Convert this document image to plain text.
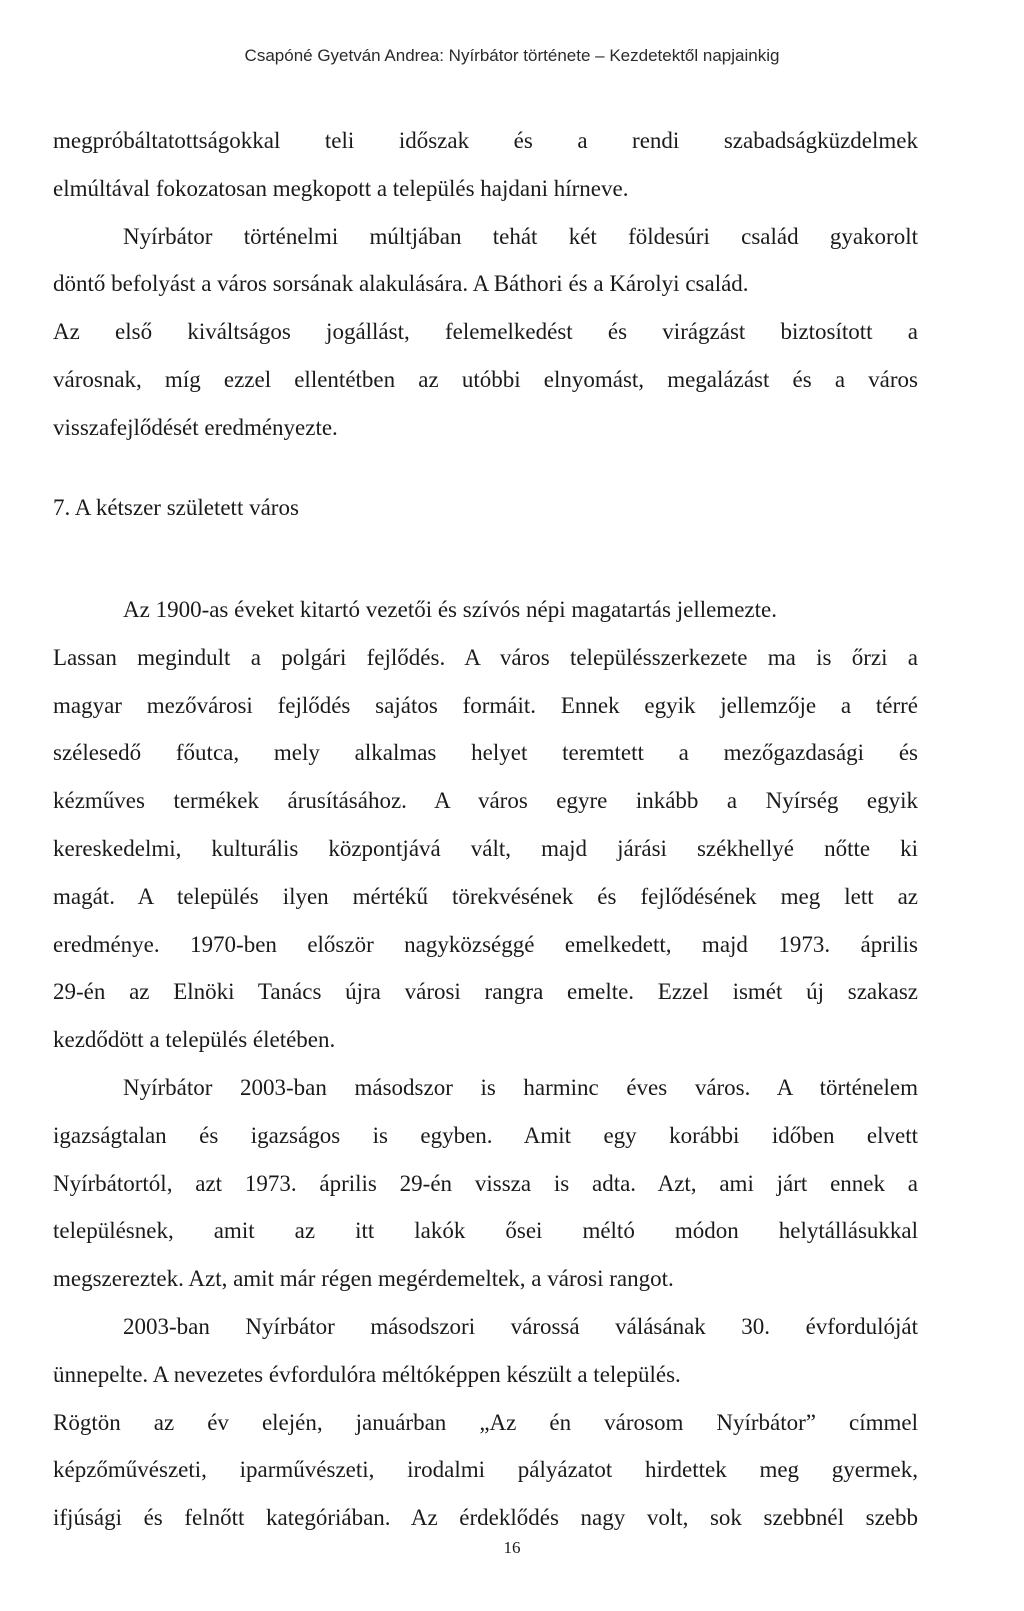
Csapóné Gyetván Andrea: Nyírbátor története – Kezdetektől napjainkig
megpróbáltatottságokkal teli időszak és a rendi szabadságküzdelmek
elmúltával fokozatosan megkopott a település hajdani hírneve.
Nyírbátor történelmi múltjában tehát két földesúri család gyakorolt
döntő befolyást a város sorsának alakulására. A Báthori és a Károlyi család.
Az első kiváltságos jogállást, felemelkedést és virágzást biztosított a
városnak, míg ezzel ellentétben az utóbbi elnyomást, megalázást és a város
visszafejlődését eredményezte.
7. A kétszer született város
Az 1900-as éveket kitartó vezetői és szívós népi magatartás jellemezte.
Lassan megindult a polgári fejlődés. A város településszerkezete ma is őrzi a
magyar mezővárosi fejlődés sajátos formáit. Ennek egyik jellemzője a térré
szélesedő főutca, mely alkalmas helyet teremtett a mezőgazdasági és
kézműves termékek árusításához. A város egyre inkább a Nyírség egyik
kereskedelmi, kulturális központjává vált, majd járási székhellyé nőtte ki
magát. A település ilyen mértékű törekvésének és fejlődésének meg lett az
eredménye. 1970-ben először nagyközséggé emelkedett, majd 1973. április
29-én az Elnöki Tanács újra városi rangra emelte. Ezzel ismét új szakasz
kezdődött a település életében.
Nyírbátor 2003-ban másodszor is harminc éves város. A történelem
igazságtalan és igazságos is egyben. Amit egy korábbi időben elvett
Nyírbátortól, azt 1973. április 29-én vissza is adta. Azt, ami járt ennek a
településnek, amit az itt lakók ősei méltó módon helytállásukkal
megszereztek. Azt, amit már régen megérdemeltek, a városi rangot.
2003-ban Nyírbátor másodszori várossá válásának 30. évfordulóját
ünnepelte. A nevezetes évfordulóra méltóképpen készült a település.
Rögtön az év elején, januárban „Az én városom Nyírbátor” címmel
képzőművészeti, iparművészeti, irodalmi pályázatot hirdettek meg gyermek,
ifjúsági és felnőtt kategóriában. Az érdeklődés nagy volt, sok szebbnél szebb
16
